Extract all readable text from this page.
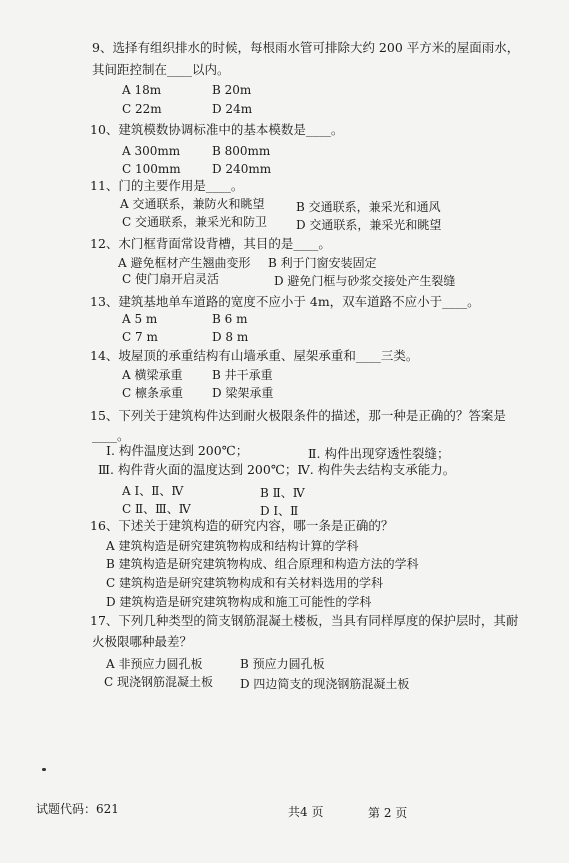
9、选择有组织排水的时候，每根雨水管可排除大约 200 平方米的屋面雨水，
其间距控制在____以内。
A 18m	B 20m
C 22m	D 24m
10、建筑模数协调标准中的基本模数是____。
A 300mm	B 800mm
C 100mm	D 240mm
11、门的主要作用是____。
A 交通联系，兼防火和眺望	B 交通联系，兼采光和通风
C 交通联系，兼采光和防卫 D 交通联系，兼采光和眺望
12、木门框背面常设背槽，其目的是____。
A 避免框材产生翘曲变形 B 利于门窗安装固定
C 使门扇开启灵活	D 避免门框与砂浆交接处产生裂缝
13、建筑基地单车道路的宽度不应小于 4m，双车道路不应小于____。
A 5 m	B 6 m
C 7 m	D 8 m
14、坡屋顶的承重结构有山墙承重、屋架承重和____三类。
A 横梁承重 B 井干承重
C 檩条承重 D 梁架承重
15、下列关于建筑构件达到耐火极限条件的描述，那一种是正确的？答案是
____。
Ⅰ. 构件温度达到 200℃；	Ⅱ. 构件出现穿透性裂缝；
Ⅲ. 构件背火面的温度达到 200℃；Ⅳ. 构件失去结构支承能力。
A Ⅰ、Ⅱ、Ⅳ	B Ⅱ、Ⅳ
C Ⅱ、Ⅲ、Ⅳ	D Ⅰ、Ⅱ
16、下述关于建筑构造的研究内容，哪一条是正确的？
A 建筑构造是研究建筑物构成和结构计算的学科
B 建筑构造是研究建筑物构成、组合原理和构造方法的学科
C 建筑构造是研究建筑物构成和有关材料选用的学科
D 建筑构造是研究建筑物构成和施工可能性的学科
17、下列几种类型的简支钢筋混凝土楼板，当具有同样厚度的保护层时，其耐
火极限哪种最差？
A 非预应力圆孔板	B 预应力圆孔板
C 现浇钢筋混凝土板 D 四边简支的现浇钢筋混凝土板
试题代码：621	共4 页	第 2 页
